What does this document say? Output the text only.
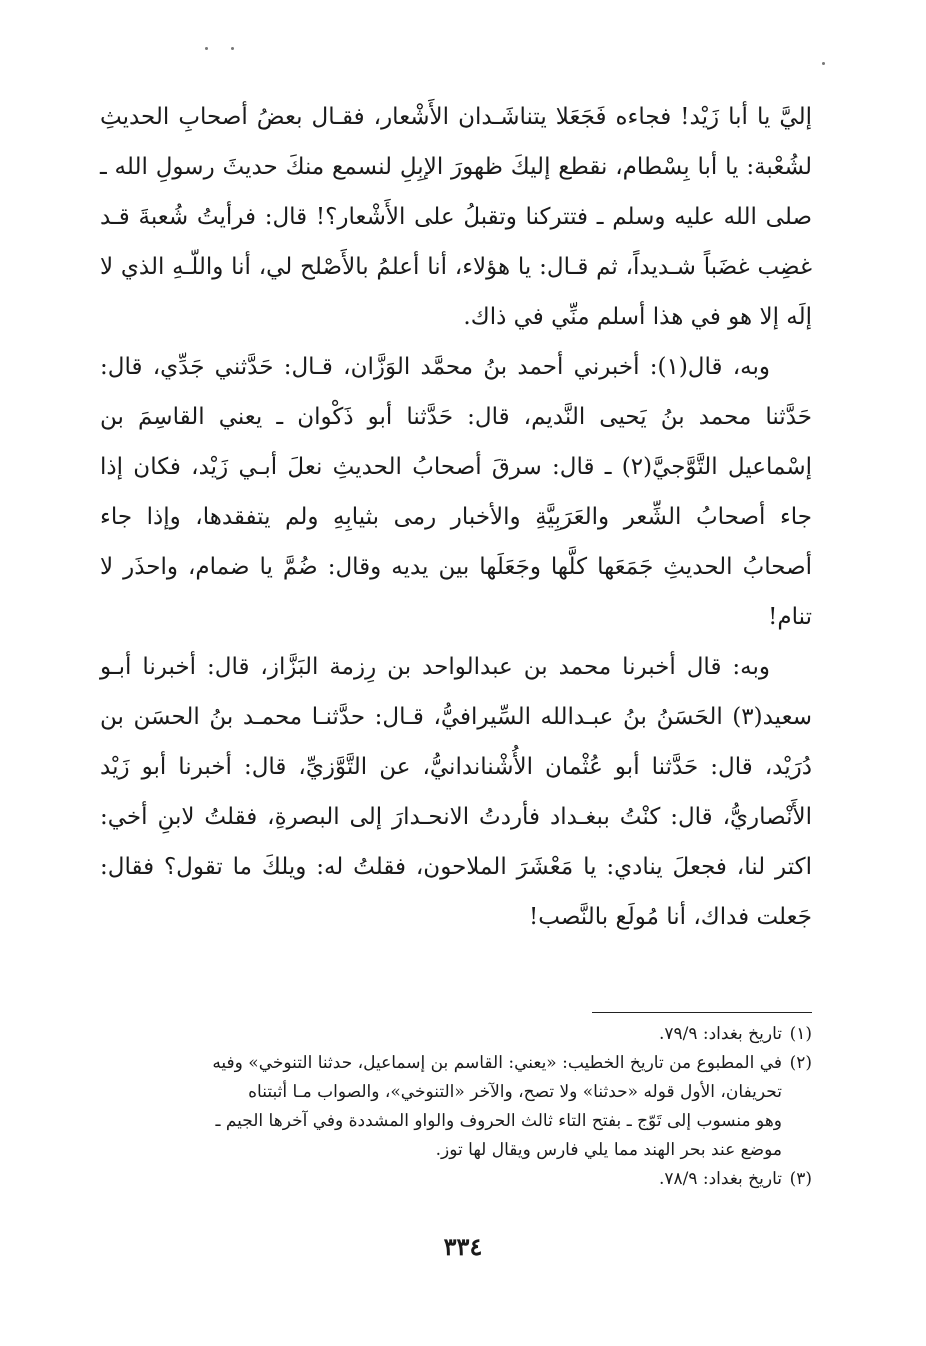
إليَّ يا أبا زَيْد! فجاءه فَجَعَلا يتناشَـدان الأَشْعار، فقـال بعضُ أصحابِ الحديثِ لشُعْبة: يا أبا بِسْطام، نقطع إليكَ ظهورَ الإبِلِ لنسمع منكَ حديثَ رسولِ الله ـ صلى الله عليه وسلم ـ فتتركنا وتقبلُ على الأَشْعار؟! قال: فرأيتُ شُعبةَ قـد غضِب غضَباً شـديداً، ثم قـال: يا هؤلاء، أنا أعلمُ بالأَصْلح لي، أنا واللّـهِ الذي لا إلَه إلا هو في هذا أسلم منِّي في ذاك.

وبه، قال(١): أخبرني أحمد بنُ محمَّد الوَزَّان، قـال: حَدَّثني جَدِّي، قال: حَدَّثنا محمد بنُ يَحيى النَّديم، قال: حَدَّثنا أبو ذَكْوان ـ يعني القاسِمَ بن إسْماعيل التَّوَّجيَّ(٢) ـ قال: سرقَ أصحابُ الحديثِ نعلَ أبـي زَيْد، فكان إذا جاء أصحابُ الشِّعر والعَرَبِيَّةِ والأخبار رمى بثيابِهِ ولم يتفقدها، وإذا جاء أصحابُ الحديثِ جَمَعَها كلَّها وجَعَلَها بين يديه وقال: ضُمَّ يا ضمام، واحذَر لا تنام!

وبه: قال أخبرنا محمد بن عبدالواحد بن رِزمة البَزَّاز، قال: أخبرنا أبـو سعيد(٣) الحَسَنُ بنُ عبـدالله السِّيرافيُّ، قـال: حدَّثنـا محمـد بنُ الحسَن بن دُرَيْد، قال: حَدَّثنا أبو عُثْمان الأُشْناندانيُّ، عن التَّوَّزيِّ، قال: أخبرنا أبو زَيْد الأَنْصاريُّ، قال: كنْتُ ببغـداد فأردتُ الانحـدارَ إلى البصرةِ، فقلتُ لابنِ أخي: اكتر لنا، فجعلَ ينادي: يا مَعْشَرَ الملاحون، فقلتُ له: ويلكَ ما تقول؟ فقال: جَعلت فداك، أنا مُولَع بالنَّصب!

(١)تاريخ بغداد: ٧٩/٩.

(٢)في المطبوع من تاريخ الخطيب: «يعني: القاسم بن إسماعيل، حدثنا التنوخي» وفيه

تحريفان، الأول قوله «حدثنا» ولا تصح، والآخر «التنوخي»، والصواب مـا أثبتناه

وهو منسوب إلى تَوّج ـ بفتح التاء ثالث الحروف والواو المشددة وفي آخرها الجيم ـ

موضع عند بحر الهند مما يلي فارس ويقال لها توز.

(٣)تاريخ بغداد: ٧٨/٩.

٣٣٤
